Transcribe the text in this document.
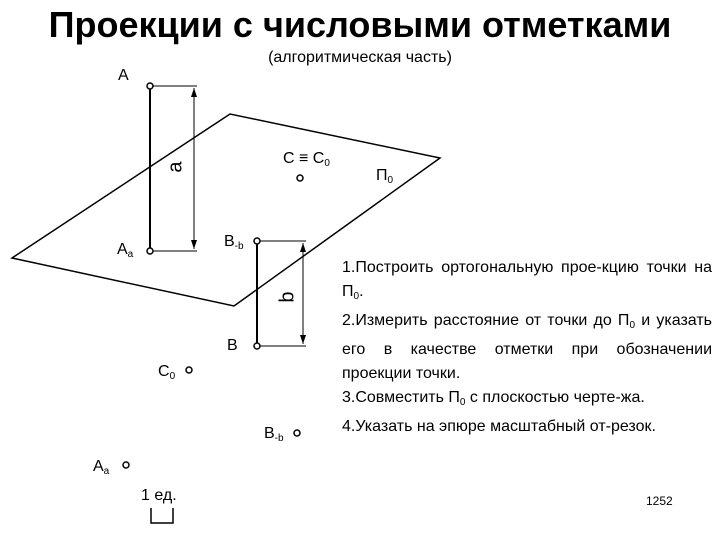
Проекции с числовыми отметками
(алгоритмическая часть)
A
$A_a$
a	$C \equiv C_0$
$П_0$
$B_{-b}$
b
B
$C_0$
$B_{-b}$
$A_a$
1 ед.

1.Построить ортогональную прое-кцию точки на $П_0$.

2.Измерить расстояние от точки до $П_0$ и указать его в качестве отметки при обозначении проекции точки.

3.Совместить $П_0$ с плоскостью черте-жа.

4.Указать на эпюре масштабный от-резок.

1252
